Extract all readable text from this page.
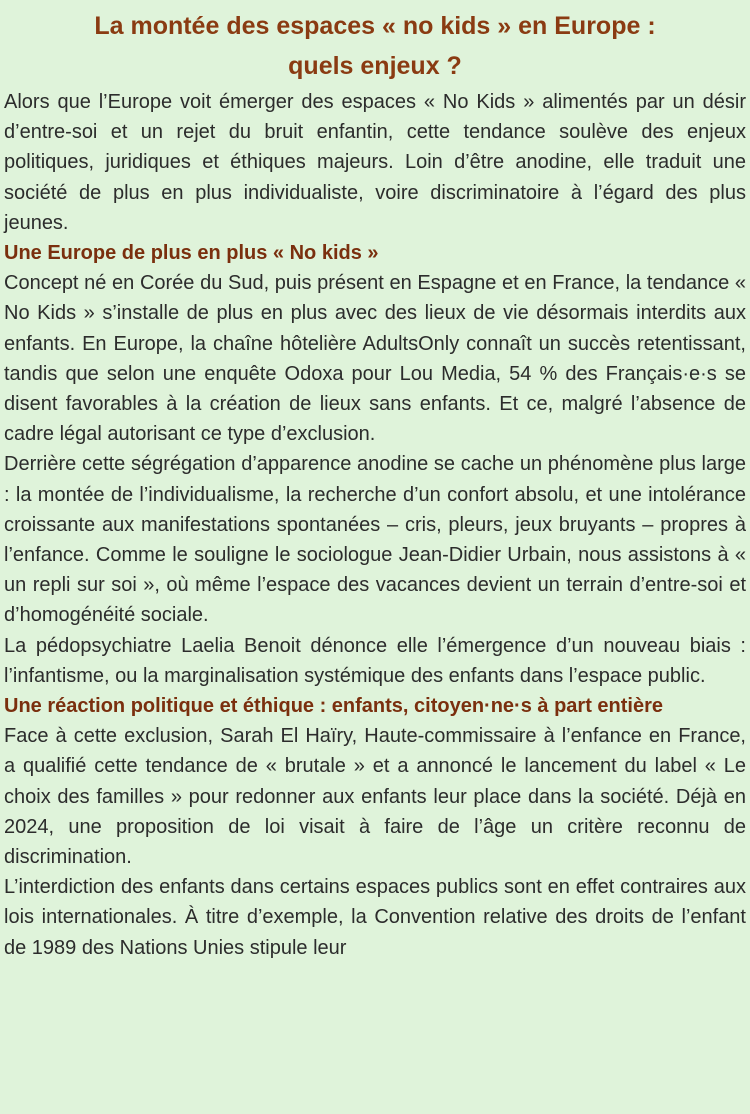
La montée des espaces « no kids » en Europe :
quels enjeux ?

Alors que l’Europe voit émerger des espaces « No Kids » alimentés par un désir d’entre-soi et un rejet du bruit enfantin, cette tendance soulève des enjeux politiques, juridiques et éthiques majeurs. Loin d’être anodine, elle traduit une société de plus en plus individualiste, voire discriminatoire à l’égard des plus jeunes.

Une Europe de plus en plus « No kids »

Concept né en Corée du Sud, puis présent en Espagne et en France, la tendance « No Kids » s’installe de plus en plus avec des lieux de vie désormais interdits aux enfants. En Europe, la chaîne hôtelière AdultsOnly connaît un succès retentissant, tandis que selon une enquête Odoxa pour Lou Media, 54 % des Français·e·s se disent favorables à la création de lieux sans enfants. Et ce, malgré l’absence de cadre légal autorisant ce type d’exclusion.

Derrière cette ségrégation d’apparence anodine se cache un phénomène plus large : la montée de l’individualisme, la recherche d’un confort absolu, et une intolérance croissante aux manifestations spontanées – cris, pleurs, jeux bruyants – propres à l’enfance. Comme le souligne le sociologue Jean-Didier Urbain, nous assistons à « un repli sur soi », où même l’espace des vacances devient un terrain d’entre-soi et d’homogénéité sociale.

La pédopsychiatre Laelia Benoit dénonce elle l’émergence d’un nouveau biais : l’infantisme, ou la marginalisation systémique des enfants dans l’espace public.

Une réaction politique et éthique : enfants, citoyen·ne·s à part entière

Face à cette exclusion, Sarah El Haïry, Haute-commissaire à l’enfance en France, a qualifié cette tendance de « brutale » et a annoncé le lancement du label « Le choix des familles » pour redonner aux enfants leur place dans la société. Déjà en 2024, une proposition de loi visait à faire de l’âge un critère reconnu de discrimination.

L’interdiction des enfants dans certains espaces publics sont en effet contraires aux lois internationales. À titre d’exemple, la Convention relative des droits de l’enfant de 1989 des Nations Unies stipule leur
